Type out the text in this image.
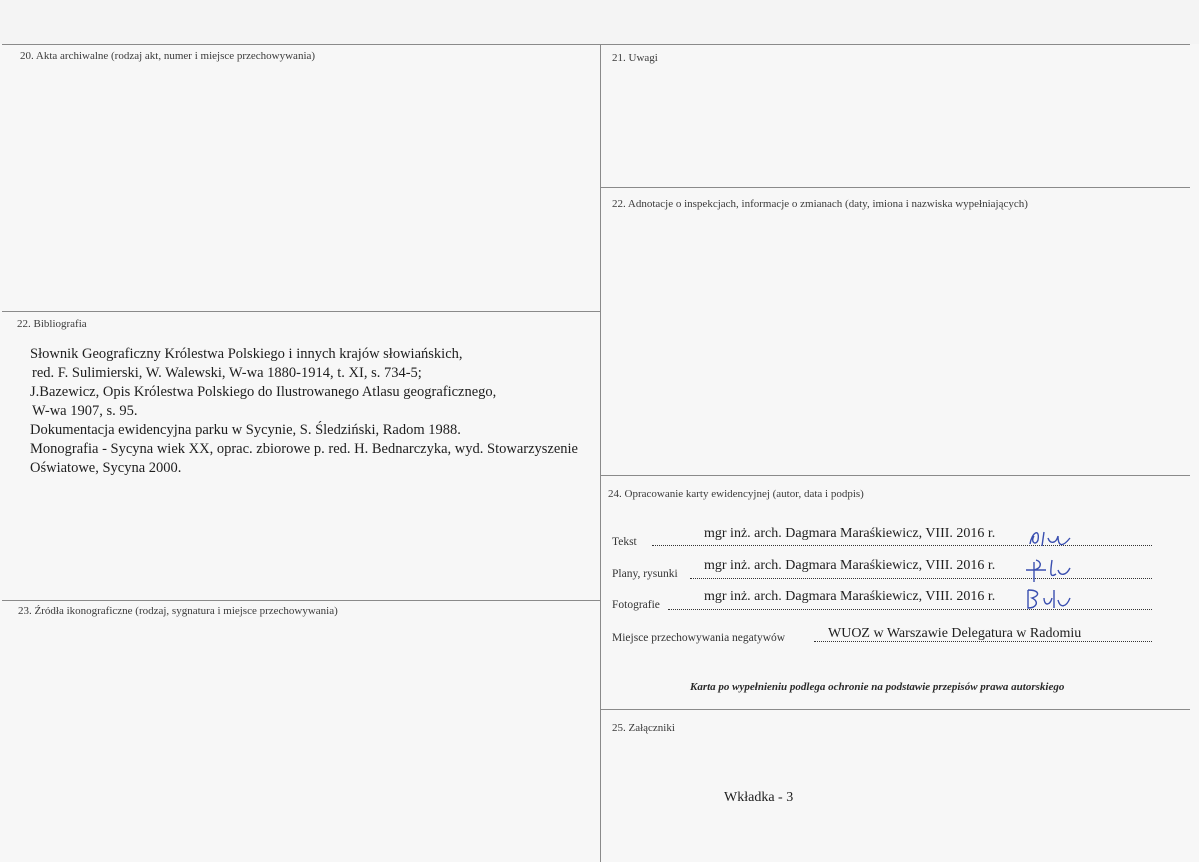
20. Akta archiwalne (rodzaj akt, numer i miejsce przechowywania)	21. Uwagi
22. Adnotacje o inspekcjach, informacje o zmianach (daty, imiona i nazwiska wypełniających)
22. Bibliografia
23. Źródła ikonograficzne (rodzaj, sygnatura i miejsce przechowywania)
24. Opracowanie karty ewidencyjnej (autor, data i podpis)
25. Załączniki
Słownik Geograficzny Królestwa Polskiego i innych krajów słowiańskich,
red. F. Sulimierski, W. Walewski, W-wa 1880-1914, t. XI, s. 734-5;
J.Bazewicz, Opis Królestwa Polskiego do Ilustrowanego Atlasu geograficznego,
W-wa 1907, s. 95.
Dokumentacja ewidencyjna parku w Sycynie, S. Śledziński, Radom 1988.
Monografia - Sycyna wiek XX, oprac. zbiorowe p. red. H. Bednarczyka, wyd. Stowarzyszenie
Oświatowe, Sycyna 2000.
Tekst
mgr inż. arch. Dagmara Maraśkiewicz, VIII. 2016 r.
Plany, rysunki
mgr inż. arch. Dagmara Maraśkiewicz, VIII. 2016 r.
Fotografie
mgr inż. arch. Dagmara Maraśkiewicz, VIII. 2016 r.
Miejsce przechowywania negatywów	WUOZ w Warszawie Delegatura w Radomiu
Karta po wypełnieniu podlega ochronie na podstawie przepisów prawa autorskiego
Wkładka - 3
